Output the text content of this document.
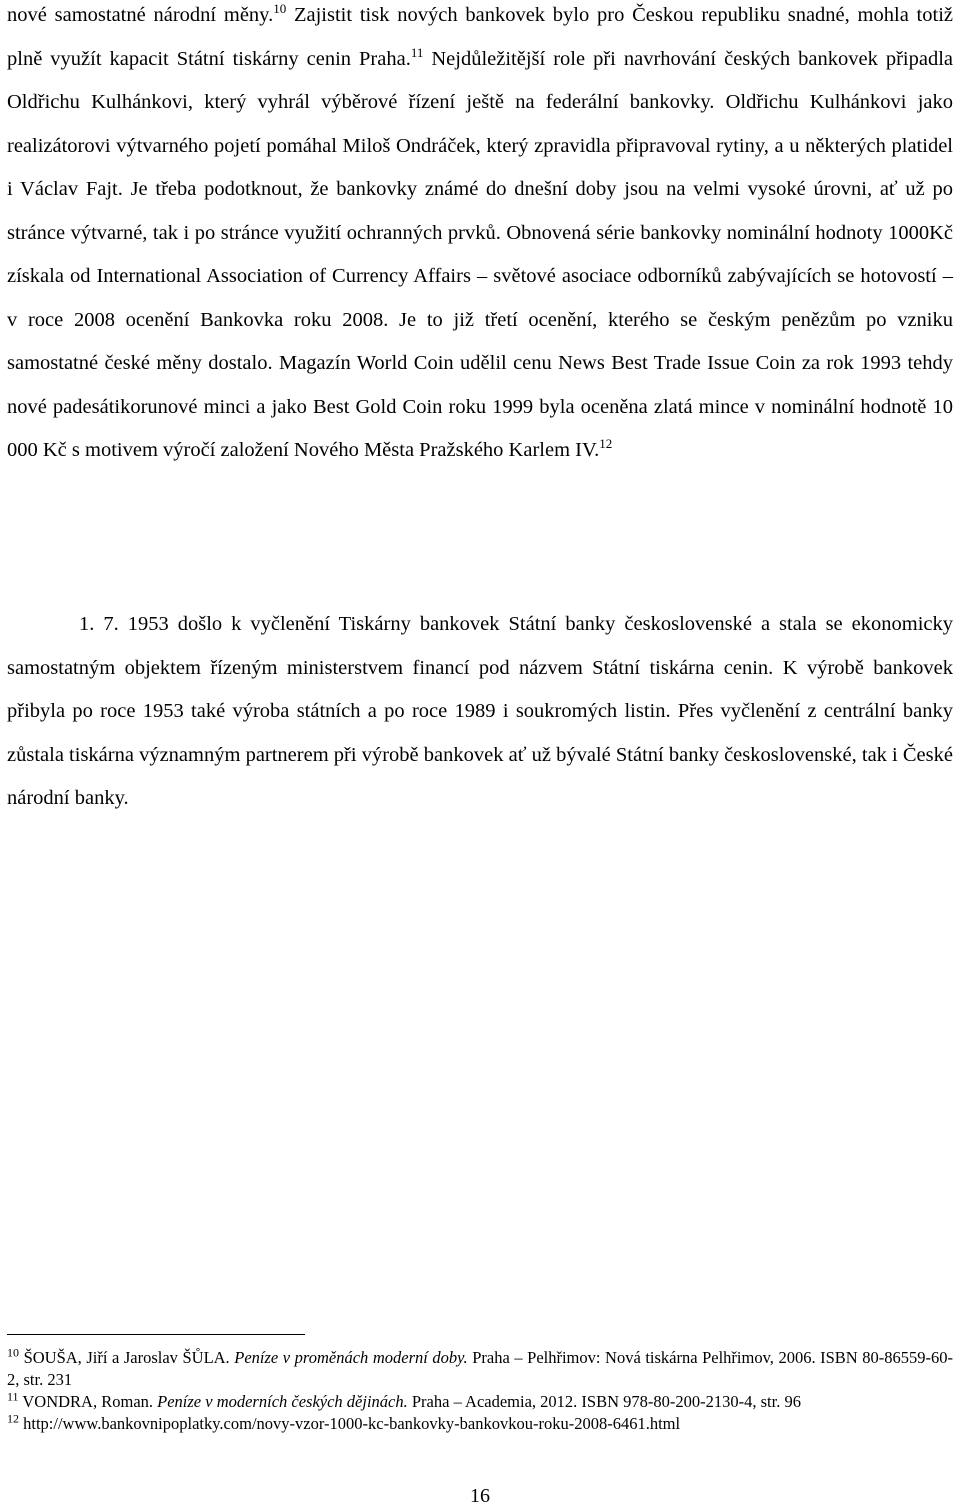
nové samostatné národní měny.$^{10}$ Zajistit tisk nových bankovek bylo pro Českou republiku snadné, mohla totiž plně využít kapacit Státní tiskárny cenin Praha.$^{11}$ Nejdůležitější role při navrhování českých bankovek připadla Oldřichu Kulhánkovi, který vyhrál výběrové řízení ještě na federální bankovky. Oldřichu Kulhánkovi jako realizátorovi výtvarného pojetí pomáhal Miloš Ondráček, který zpravidla připravoval rytiny, a u některých platidel i Václav Fajt. Je třeba podotknout, že bankovky známé do dnešní doby jsou na velmi vysoké úrovni, ať už po stránce výtvarné, tak i po stránce využití ochranných prvků. Obnovená série bankovky nominální hodnoty 1000Kč získala od International Association of Currency Affairs – světové asociace odborníků zabývajících se hotovostí – v roce 2008 ocenění Bankovka roku 2008. Je to již třetí ocenění, kterého se českým penězům po vzniku samostatné české měny dostalo. Magazín World Coin udělil cenu News Best Trade Issue Coin za rok 1993 tehdy nové padesátikorunové minci a jako Best Gold Coin roku 1999 byla oceněna zlatá mince v nominální hodnotě 10 000 Kč s motivem výročí založení Nového Města Pražského Karlem IV.$^{12}$

1. 7. 1953 došlo k vyčlenění Tiskárny bankovek Státní banky československé a stala se ekonomicky samostatným objektem řízeným ministerstvem financí pod názvem Státní tiskárna cenin. K výrobě bankovek přibyla po roce 1953 také výroba státních a po roce 1989 i soukromých listin. Přes vyčlenění z centrální banky zůstala tiskárna významným partnerem při výrobě bankovek ať už bývalé Státní banky československé, tak i České národní banky.

$^{10}$ ŠOUŠA, Jiří a Jaroslav ŠŮLA. Peníze v proměnách moderní doby. Praha – Pelhřimov: Nová tiskárna Pelhřimov, 2006. ISBN 80-86559-60-2, str. 231

$^{11}$ VONDRA, Roman. Peníze v moderních českých dějinách. Praha – Academia, 2012. ISBN 978-80-200-2130-4, str. 96

$^{12}$ http://www.bankovnipoplatky.com/novy-vzor-1000-kc-bankovky-bankovkou-roku-2008-6461.html

16
